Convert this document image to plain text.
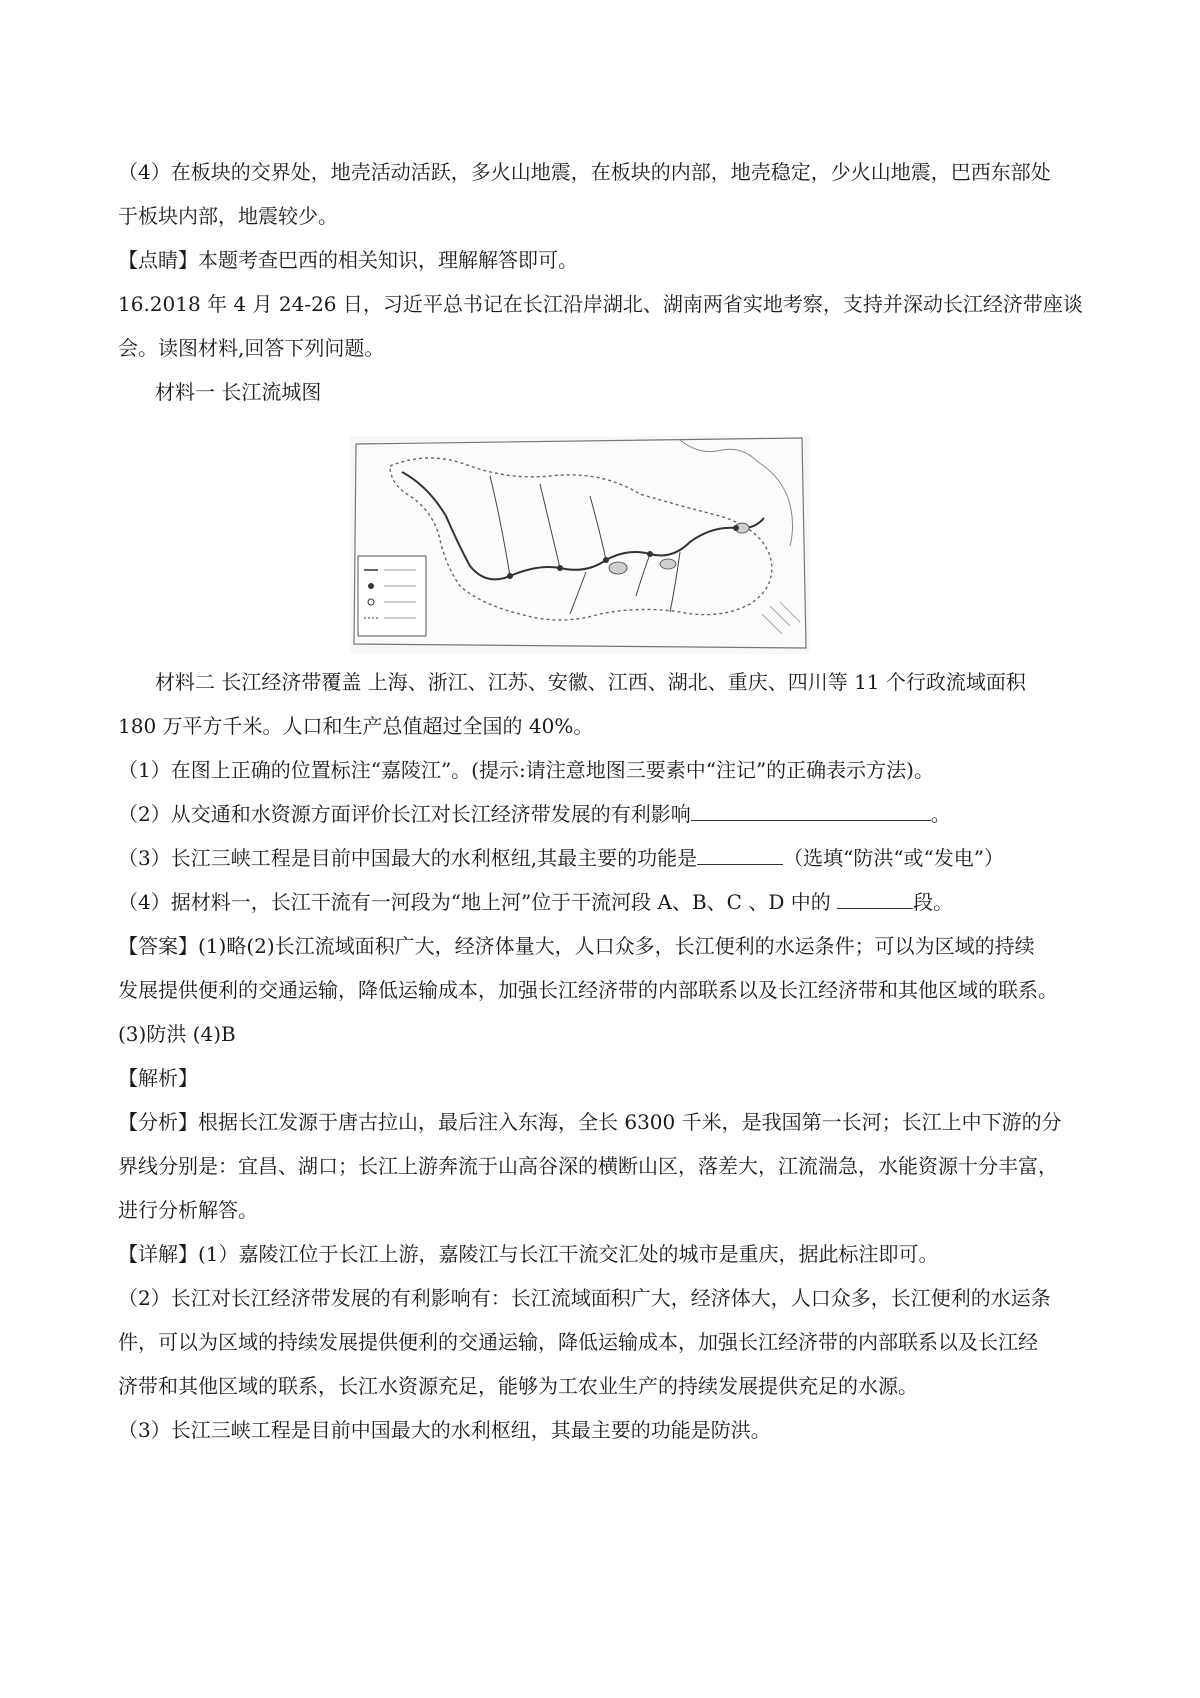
（4）在板块的交界处，地壳活动活跃，多火山地震，在板块的内部，地壳稳定，少火山地震，巴西东部处
于板块内部，地震较少。
【点睛】本题考查巴西的相关知识，理解解答即可。
16.2018 年 4 月 24-26 日，习近平总书记在长江沿岸湖北、湖南两省实地考察，支持并深动长江经济带座谈
会。读图材料,回答下列问题。
材料一 长江流城图
材料二 长江经济带覆盖 上海、浙江、江苏、安徽、江西、湖北、重庆、四川等 11 个行政流域面积
180 万平方千米。人口和生产总值超过全国的 40%。
（1）在图上正确的位置标注“嘉陵江”。(提示:请注意地图三要素中“注记”的正确表示方法)。
（2）从交通和水资源方面评价长江对长江经济带发展的有利影响	。
（3）长江三峡工程是目前中国最大的水利枢纽,其最主要的功能是	（选填“防洪“或“发电”）
（4）据材料一，长江干流有一河段为“地上河”位于干流河段 A、B、C 、D 中的	段。
【答案】(1)略(2)长江流域面积广大，经济体量大，人口众多，长江便利的水运条件；可以为区域的持续
发展提供便利的交通运输，降低运输成本，加强长江经济带的内部联系以及长江经济带和其他区域的联系。
(3)防洪 (4)B
【解析】
【分析】根据长江发源于唐古拉山，最后注入东海，全长 6300 千米，是我国第一长河；长江上中下游的分
界线分别是：宜昌、湖口；长江上游奔流于山高谷深的横断山区，落差大，江流湍急，水能资源十分丰富，
进行分析解答。
【详解】(1）嘉陵江位于长江上游，嘉陵江与长江干流交汇处的城市是重庆，据此标注即可。
（2）长江对长江经济带发展的有利影响有：长江流域面积广大，经济体大，人口众多，长江便利的水运条
件，可以为区域的持续发展提供便利的交通运输，降低运输成本，加强长江经济带的内部联系以及长江经
济带和其他区域的联系，长江水资源充足，能够为工农业生产的持续发展提供充足的水源。
（3）长江三峡工程是目前中国最大的水利枢纽，其最主要的功能是防洪。
